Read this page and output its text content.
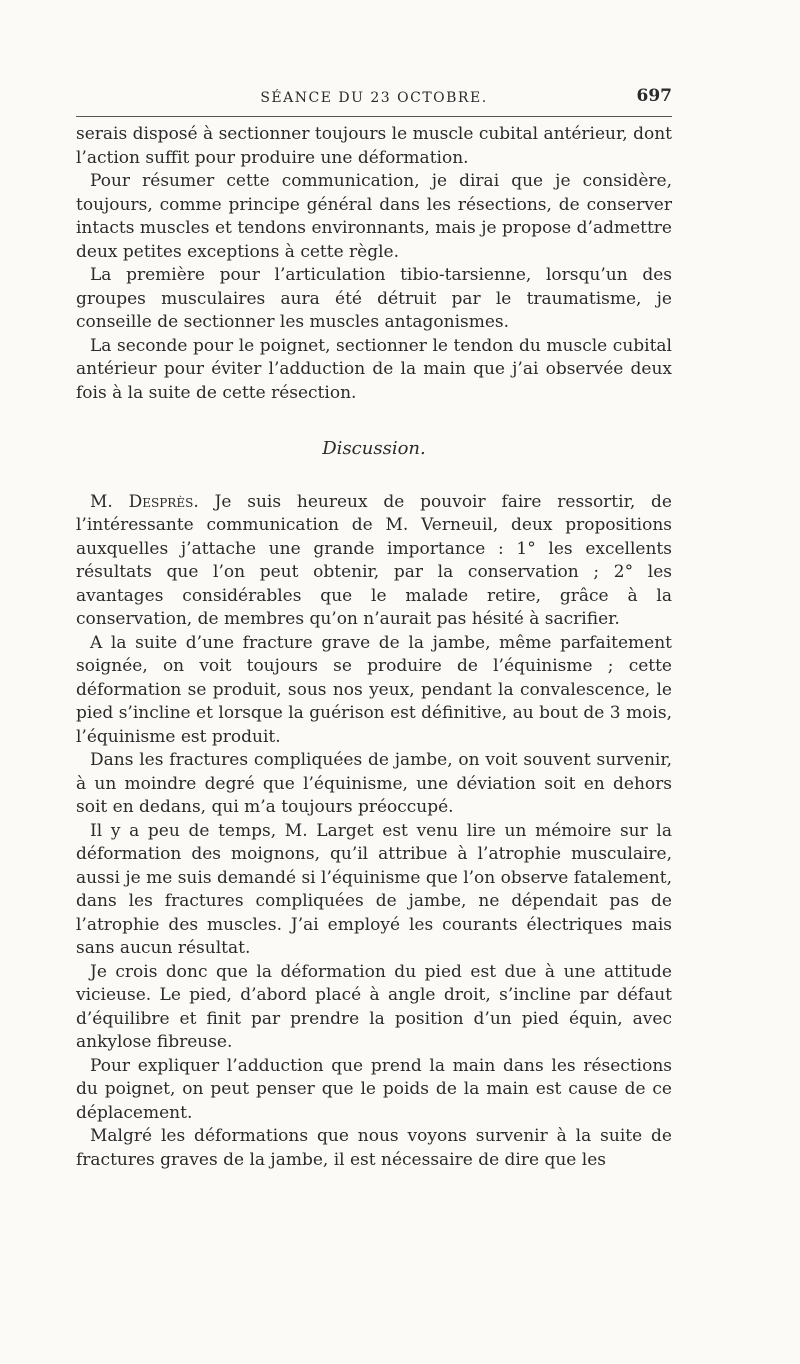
SÉANCE DU 23 OCTOBRE.	697

serais disposé à sectionner toujours le muscle cubital antérieur, dont l’action suffit pour produire une déformation.

Pour résumer cette communication, je dirai que je considère, toujours, comme principe général dans les résections, de conserver intacts muscles et tendons environnants, mais je propose d’admettre deux petites exceptions à cette règle.

La première pour l’articulation tibio-tarsienne, lorsqu’un des groupes musculaires aura été détruit par le traumatisme, je conseille de sectionner les muscles antagonismes.

La seconde pour le poignet, sectionner le tendon du muscle cubital antérieur pour éviter l’adduction de la main que j’ai observée deux fois à la suite de cette résection.

Discussion.

M. Desprès. Je suis heureux de pouvoir faire ressortir, de l’intéressante communication de M. Verneuil, deux propositions auxquelles j’attache une grande importance : 1° les excellents résultats que l’on peut obtenir, par la conservation ; 2° les avantages considérables que le malade retire, grâce à la conservation, de membres qu’on n’aurait pas hésité à sacrifier.

A la suite d’une fracture grave de la jambe, même parfaitement soignée, on voit toujours se produire de l’équinisme ; cette déformation se produit, sous nos yeux, pendant la convalescence, le pied s’incline et lorsque la guérison est définitive, au bout de 3 mois, l’équinisme est produit.

Dans les fractures compliquées de jambe, on voit souvent survenir, à un moindre degré que l’équinisme, une déviation soit en dehors soit en dedans, qui m’a toujours préoccupé.

Il y a peu de temps, M. Larget est venu lire un mémoire sur la déformation des moignons, qu’il attribue à l’atrophie musculaire, aussi je me suis demandé si l’équinisme que l’on observe fatalement, dans les fractures compliquées de jambe, ne dépendait pas de l’atrophie des muscles. J’ai employé les courants électriques mais sans aucun résultat.

Je crois donc que la déformation du pied est due à une attitude vicieuse. Le pied, d’abord placé à angle droit, s’incline par défaut d’équilibre et finit par prendre la position d’un pied équin, avec ankylose fibreuse.

Pour expliquer l’adduction que prend la main dans les résections du poignet, on peut penser que le poids de la main est cause de ce déplacement.

Malgré les déformations que nous voyons survenir à la suite de fractures graves de la jambe, il est nécessaire de dire que les
